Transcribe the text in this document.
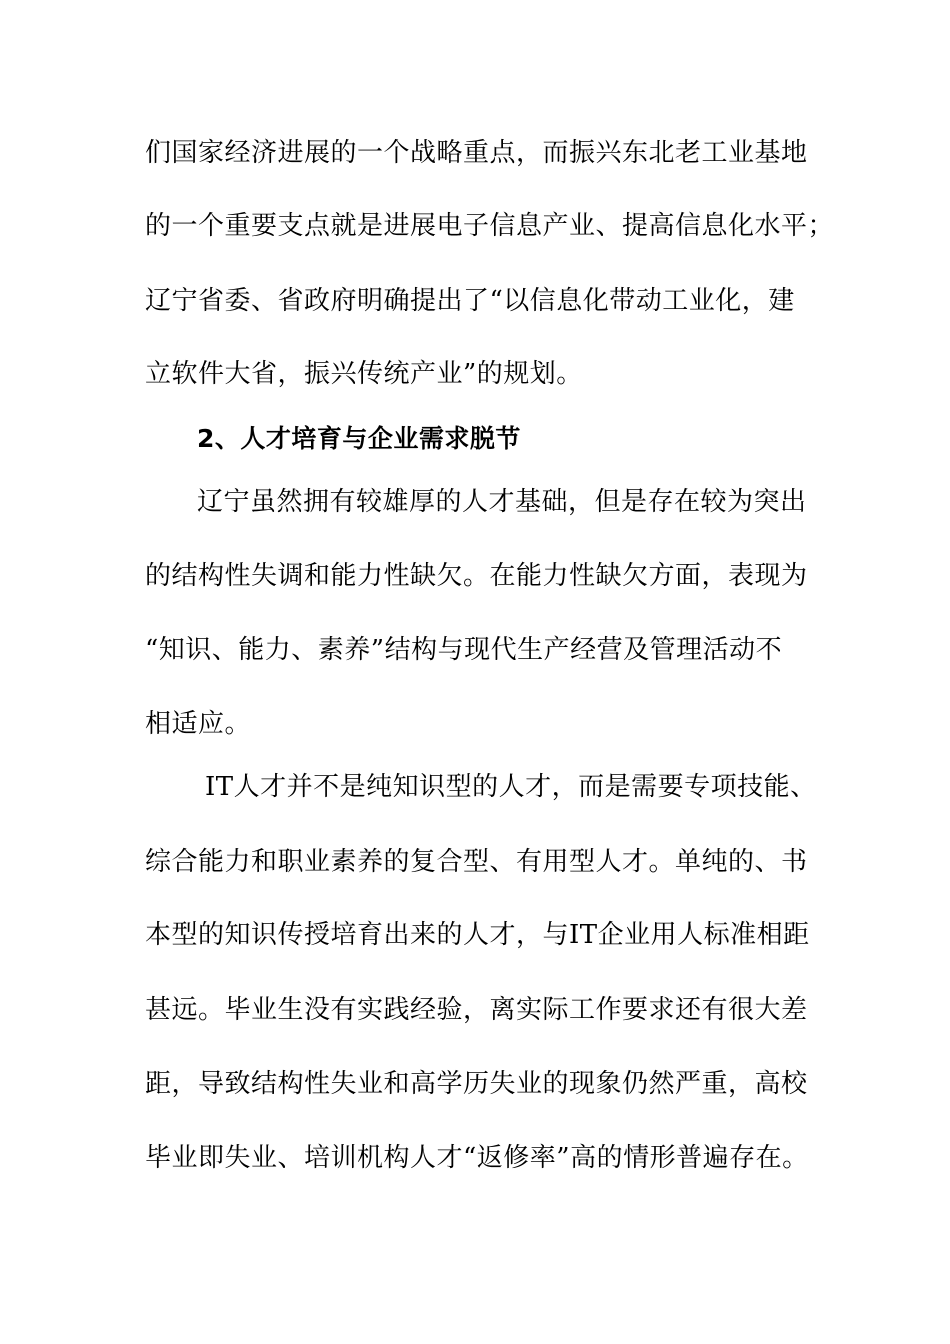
们国家经济进展的一个战略重点，而振兴东北老工业基地
的一个重要支点就是进展电子信息产业、提高信息化水平；
辽宁省委、省政府明确提出了“以信息化带动工业化，建
立软件大省，振兴传统产业”的规划。
2、人才培育与企业需求脱节
辽宁虽然拥有较雄厚的人才基础，但是存在较为突出
的结构性失调和能力性缺欠。在能力性缺欠方面，表现为
“知识、能力、素养”结构与现代生产经营及管理活动不
相适应。
IT人才并不是纯知识型的人才，而是需要专项技能、
综合能力和职业素养的复合型、有用型人才。单纯的、书
本型的知识传授培育出来的人才，与IT企业用人标准相距
甚远。毕业生没有实践经验，离实际工作要求还有很大差
距，导致结构性失业和高学历失业的现象仍然严重，高校
毕业即失业、培训机构人才“返修率”高的情形普遍存在。
